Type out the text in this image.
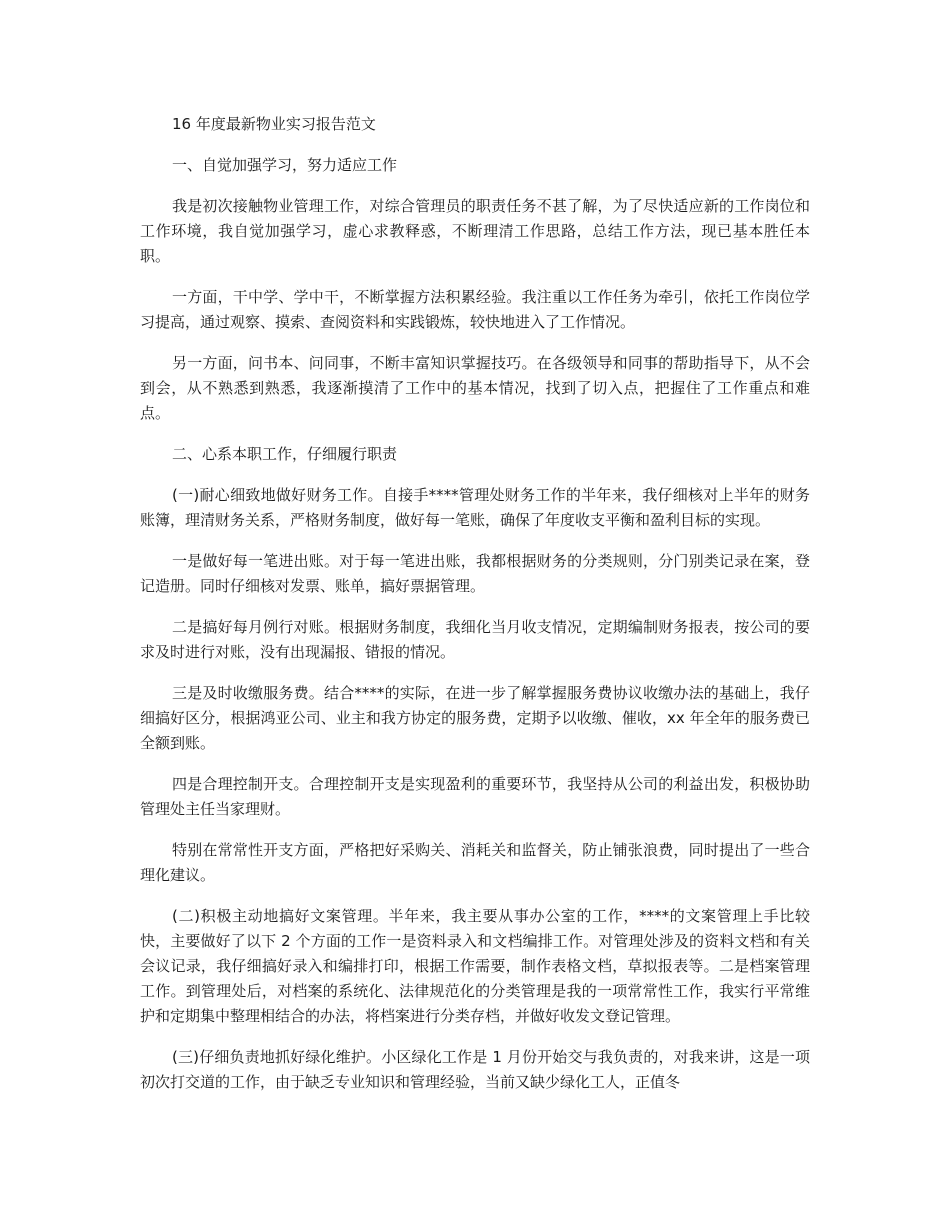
16 年度最新物业实习报告范文

一、自觉加强学习，努力适应工作

我是初次接触物业管理工作，对综合管理员的职责任务不甚了解，为了尽快适应新的工作岗位和工作环境，我自觉加强学习，虚心求教释惑，不断理清工作思路，总结工作方法，现已基本胜任本职。

一方面，干中学、学中干，不断掌握方法积累经验。我注重以工作任务为牵引，依托工作岗位学习提高，通过观察、摸索、查阅资料和实践锻炼，较快地进入了工作情况。

另一方面，问书本、问同事，不断丰富知识掌握技巧。在各级领导和同事的帮助指导下，从不会到会，从不熟悉到熟悉，我逐渐摸清了工作中的基本情况，找到了切入点，把握住了工作重点和难点。

二、心系本职工作，仔细履行职责

(一)耐心细致地做好财务工作。自接手****管理处财务工作的半年来，我仔细核对上半年的财务账簿，理清财务关系，严格财务制度，做好每一笔账，确保了年度收支平衡和盈利目标的实现。

一是做好每一笔进出账。对于每一笔进出账，我都根据财务的分类规则，分门别类记录在案，登记造册。同时仔细核对发票、账单，搞好票据管理。

二是搞好每月例行对账。根据财务制度，我细化当月收支情况，定期编制财务报表，按公司的要求及时进行对账，没有出现漏报、错报的情况。

三是及时收缴服务费。结合****的实际，在进一步了解掌握服务费协议收缴办法的基础上，我仔细搞好区分，根据鸿亚公司、业主和我方协定的服务费，定期予以收缴、催收，xx 年全年的服务费已全额到账。

四是合理控制开支。合理控制开支是实现盈利的重要环节，我坚持从公司的利益出发，积极协助管理处主任当家理财。

特别在常常性开支方面，严格把好采购关、消耗关和监督关，防止铺张浪费，同时提出了一些合理化建议。

(二)积极主动地搞好文案管理。半年来，我主要从事办公室的工作，****的文案管理上手比较快，主要做好了以下 2 个方面的工作一是资料录入和文档编排工作。对管理处涉及的资料文档和有关会议记录，我仔细搞好录入和编排打印，根据工作需要，制作表格文档，草拟报表等。二是档案管理工作。到管理处后，对档案的系统化、法律规范化的分类管理是我的一项常常性工作，我实行平常维护和定期集中整理相结合的办法，将档案进行分类存档，并做好收发文登记管理。

(三)仔细负责地抓好绿化维护。小区绿化工作是 1 月份开始交与我负责的，对我来讲，这是一项初次打交道的工作，由于缺乏专业知识和管理经验，当前又缺少绿化工人，正值冬
